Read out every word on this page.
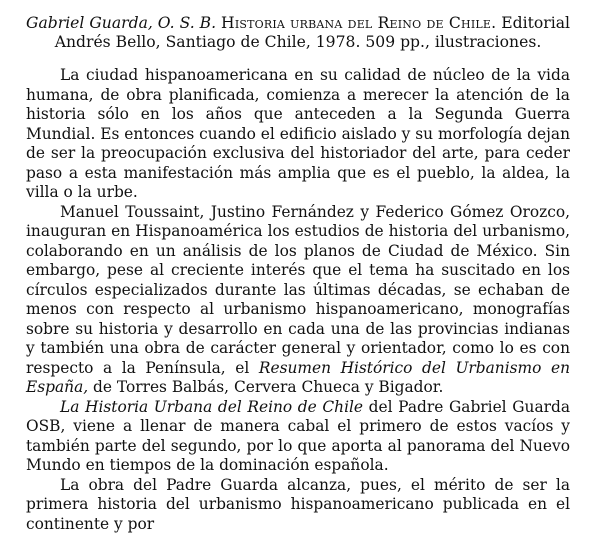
Gabriel Guarda, O. S. B. Historia urbana del Reino de Chile. Editorial
Andrés Bello, Santiago de Chile, 1978. 509 pp., ilustraciones.

La ciudad hispanoamericana en su calidad de núcleo de la vida humana, de obra planificada, comienza a merecer la atención de la historia sólo en los años que anteceden a la Segunda Guerra Mundial. Es entonces cuando el edificio aislado y su morfología dejan de ser la preocupación exclusiva del historiador del arte, para ceder paso a esta manifestación más amplia que es el pueblo, la aldea, la villa o la urbe.

Manuel Toussaint, Justino Fernández y Federico Gómez Orozco, inauguran en Hispanoamérica los estudios de historia del urbanismo, colaborando en un análisis de los planos de Ciudad de México. Sin embargo, pese al creciente interés que el tema ha suscitado en los círculos especializados durante las últimas décadas, se echaban de menos con respecto al urbanismo hispanoamericano, monografías sobre su historia y desarrollo en cada una de las provincias indianas y también una obra de carácter general y orientador, como lo es con respecto a la Península, el Resumen Histórico del Urbanismo en España, de Torres Balbás, Cervera Chueca y Bigador.

La Historia Urbana del Reino de Chile del Padre Gabriel Guarda OSB, viene a llenar de manera cabal el primero de estos vacíos y también parte del segundo, por lo que aporta al panorama del Nuevo Mundo en tiempos de la dominación española.

La obra del Padre Guarda alcanza, pues, el mérito de ser la primera historia del urbanismo hispanoamericano publicada en el continente y por
